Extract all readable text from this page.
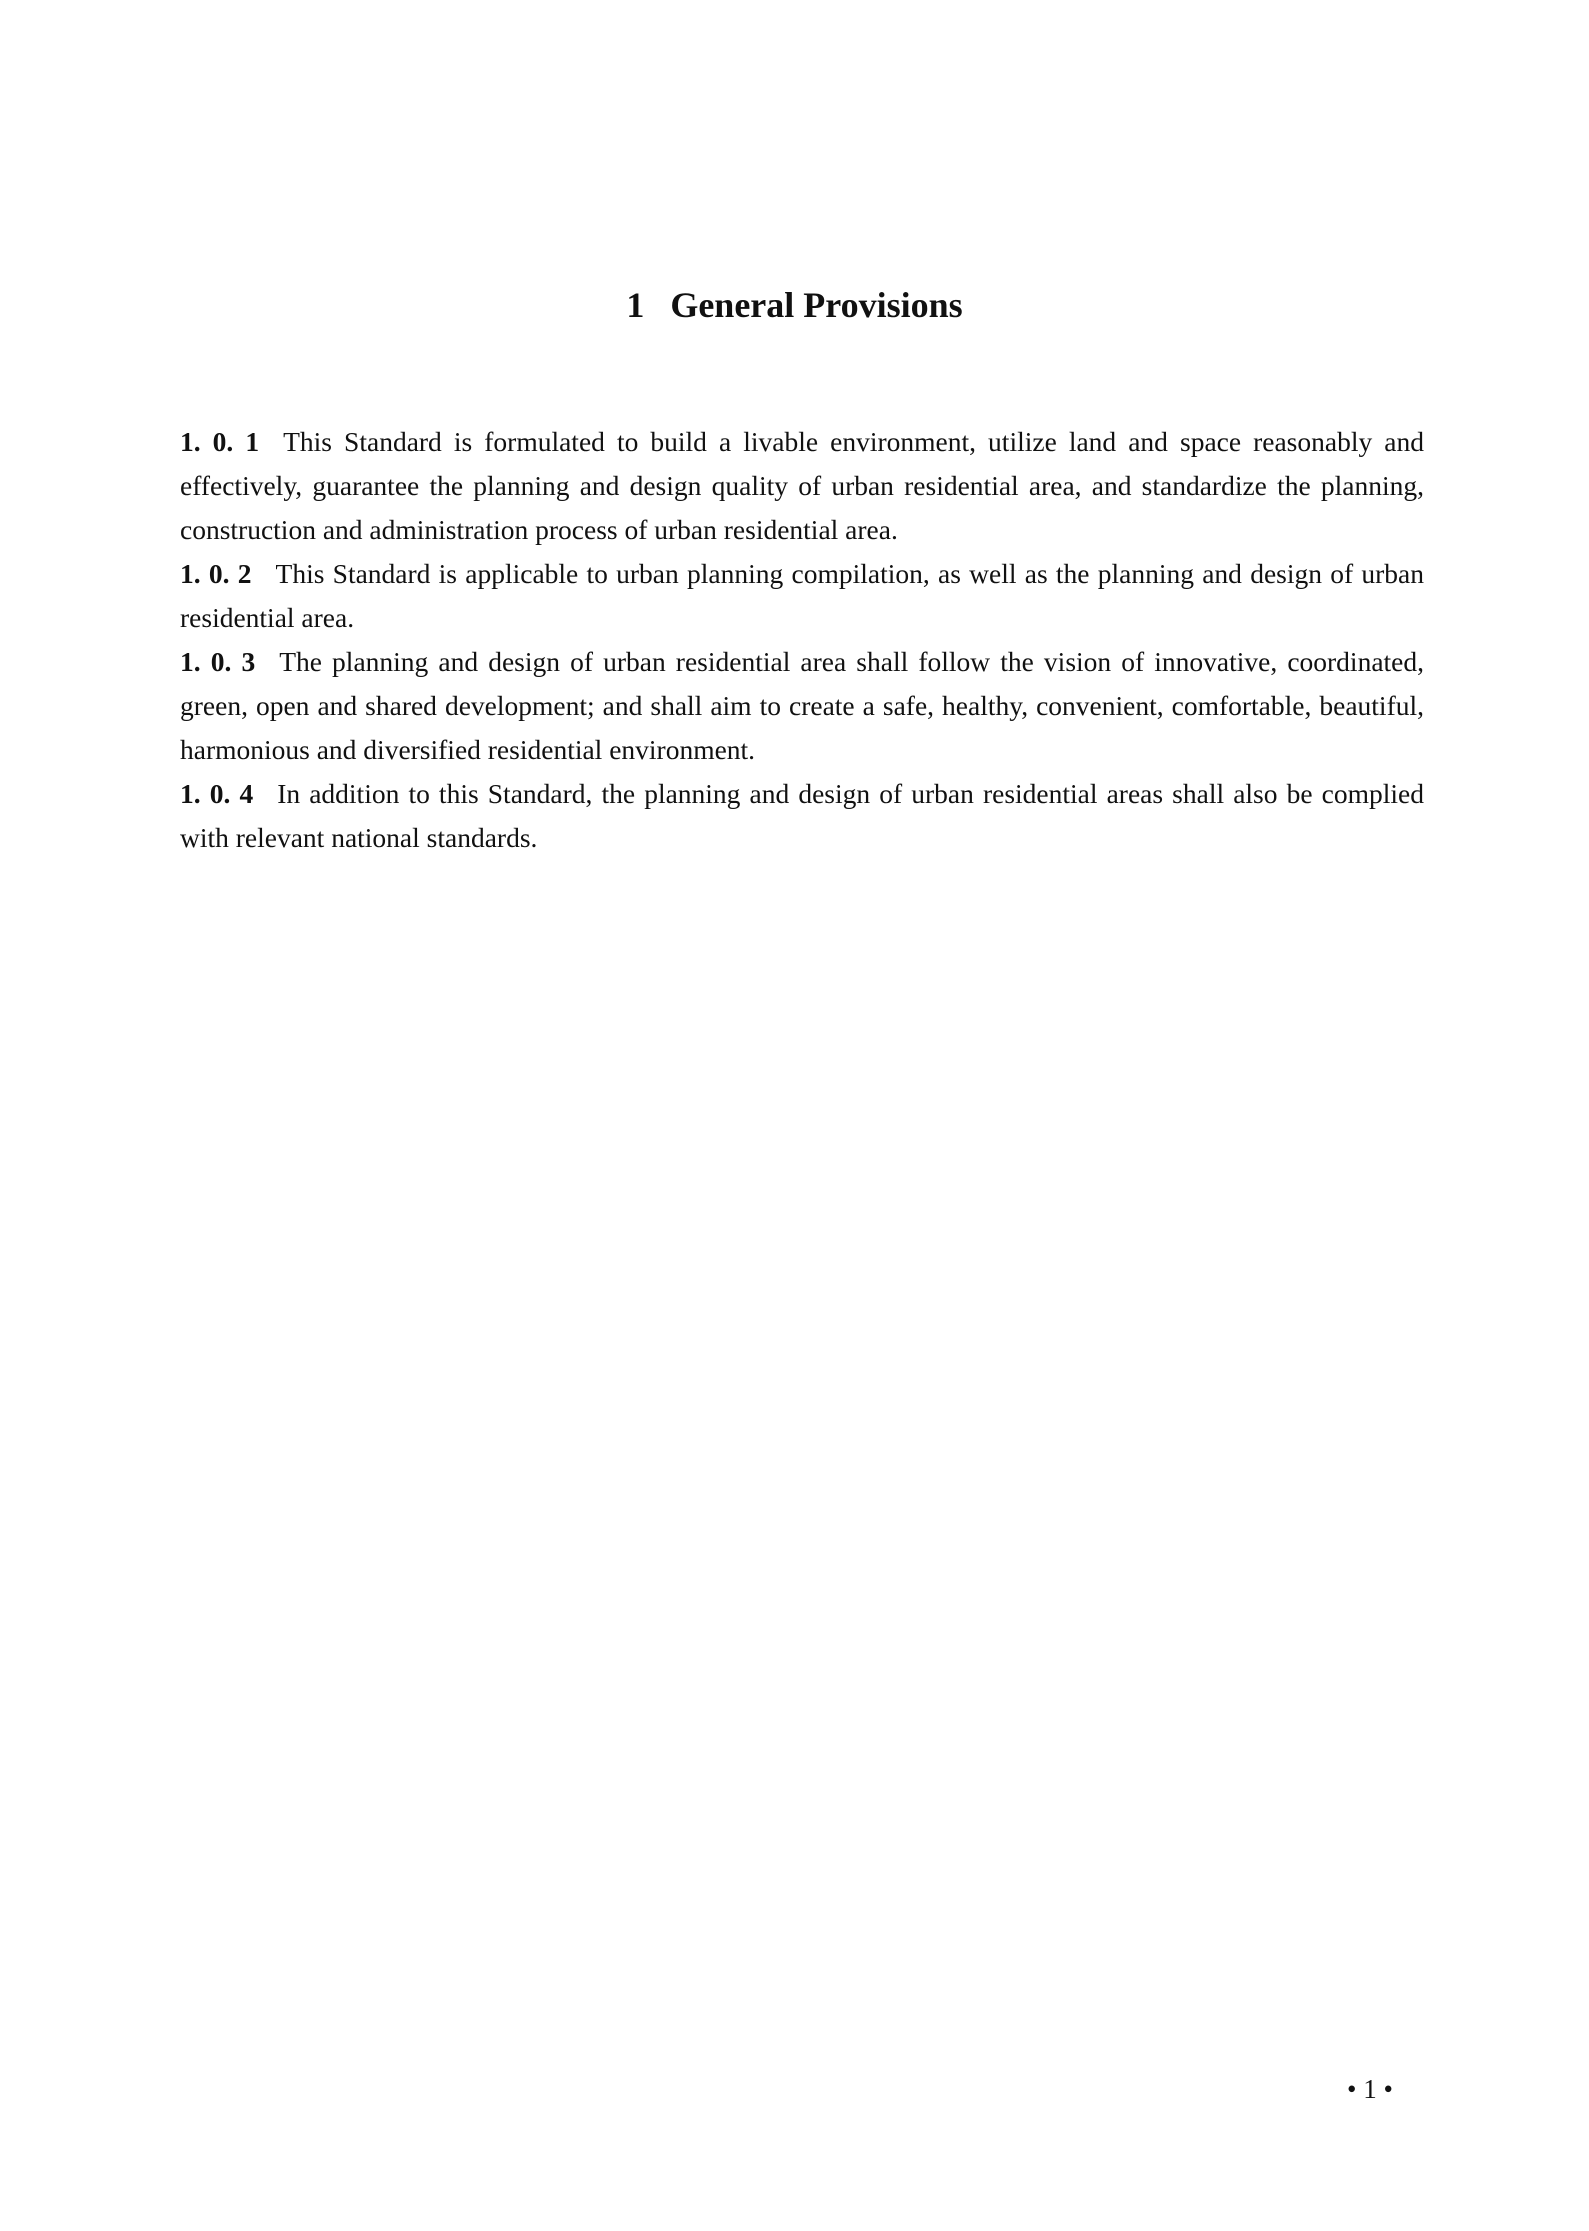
1 General Provisions

1. 0. 1 This Standard is formulated to build a livable environment, utilize land and space reasonably and effectively, guarantee the planning and design quality of urban residential area, and standardize the planning, construction and administration process of urban residential area.

1. 0. 2 This Standard is applicable to urban planning compilation, as well as the planning and design of urban residential area.

1. 0. 3 The planning and design of urban residential area shall follow the vision of innovative, coordinated, green, open and shared development; and shall aim to create a safe, healthy, convenient, comfortable, beautiful, harmonious and diversified residential environment.

1. 0. 4 In addition to this Standard, the planning and design of urban residential areas shall also be complied with relevant national standards.

• 1 •
